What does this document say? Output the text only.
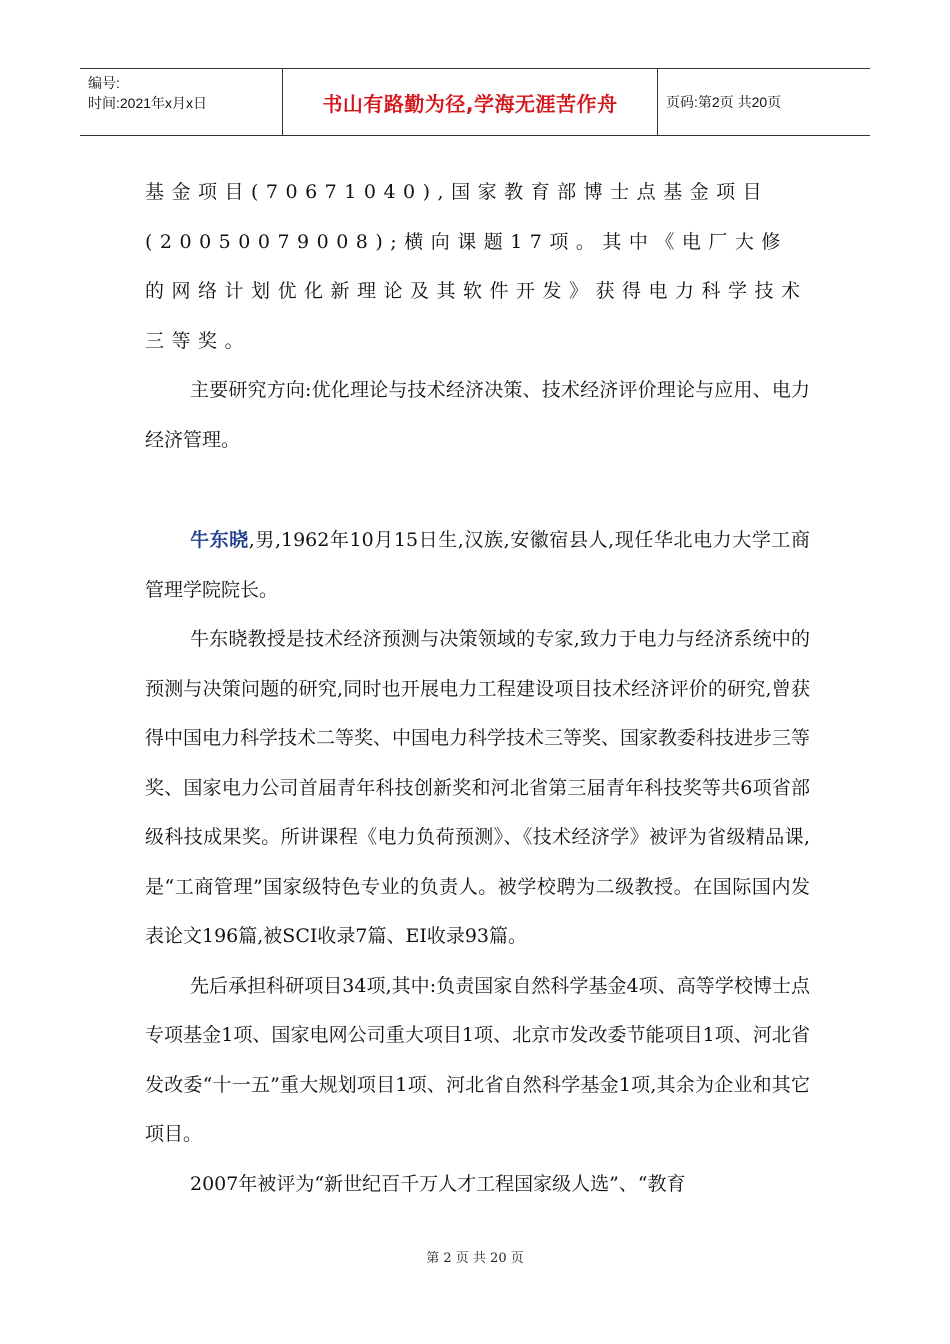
编号:
时间:2021年x月x日	书山有路勤为径,学海无涯苦作舟	页码:第2页 共20页

基金项目(70671040),国家教育部博士点基金项目(20050079008);横向课题17项。其中《电厂大修的网络计划优化新理论及其软件开发》获得电力科学技术三等奖。

主要研究方向:优化理论与技术经济决策、技术经济评价理论与应用、电力经济管理。

牛东晓,男,1962年10月15日生,汉族,安徽宿县人,现任华北电力大学工商管理学院院长。

牛东晓教授是技术经济预测与决策领域的专家,致力于电力与经济系统中的预测与决策问题的研究,同时也开展电力工程建设项目技术经济评价的研究,曾获得中国电力科学技术二等奖、中国电力科学技术三等奖、国家教委科技进步三等奖、国家电力公司首届青年科技创新奖和河北省第三届青年科技奖等共6项省部级科技成果奖。所讲课程《电力负荷预测》、《技术经济学》被评为省级精品课,是“工商管理”国家级特色专业的负责人。被学校聘为二级教授。在国际国内发表论文196篇,被SCI收录7篇、EI收录93篇。

先后承担科研项目34项,其中:负责国家自然科学基金4项、高等学校博士点专项基金1项、国家电网公司重大项目1项、北京市发改委节能项目1项、河北省发改委“十一五”重大规划项目1项、河北省自然科学基金1项,其余为企业和其它项目。

2007年被评为“新世纪百千万人才工程国家级人选”、“教育

第 2 页 共 20 页
